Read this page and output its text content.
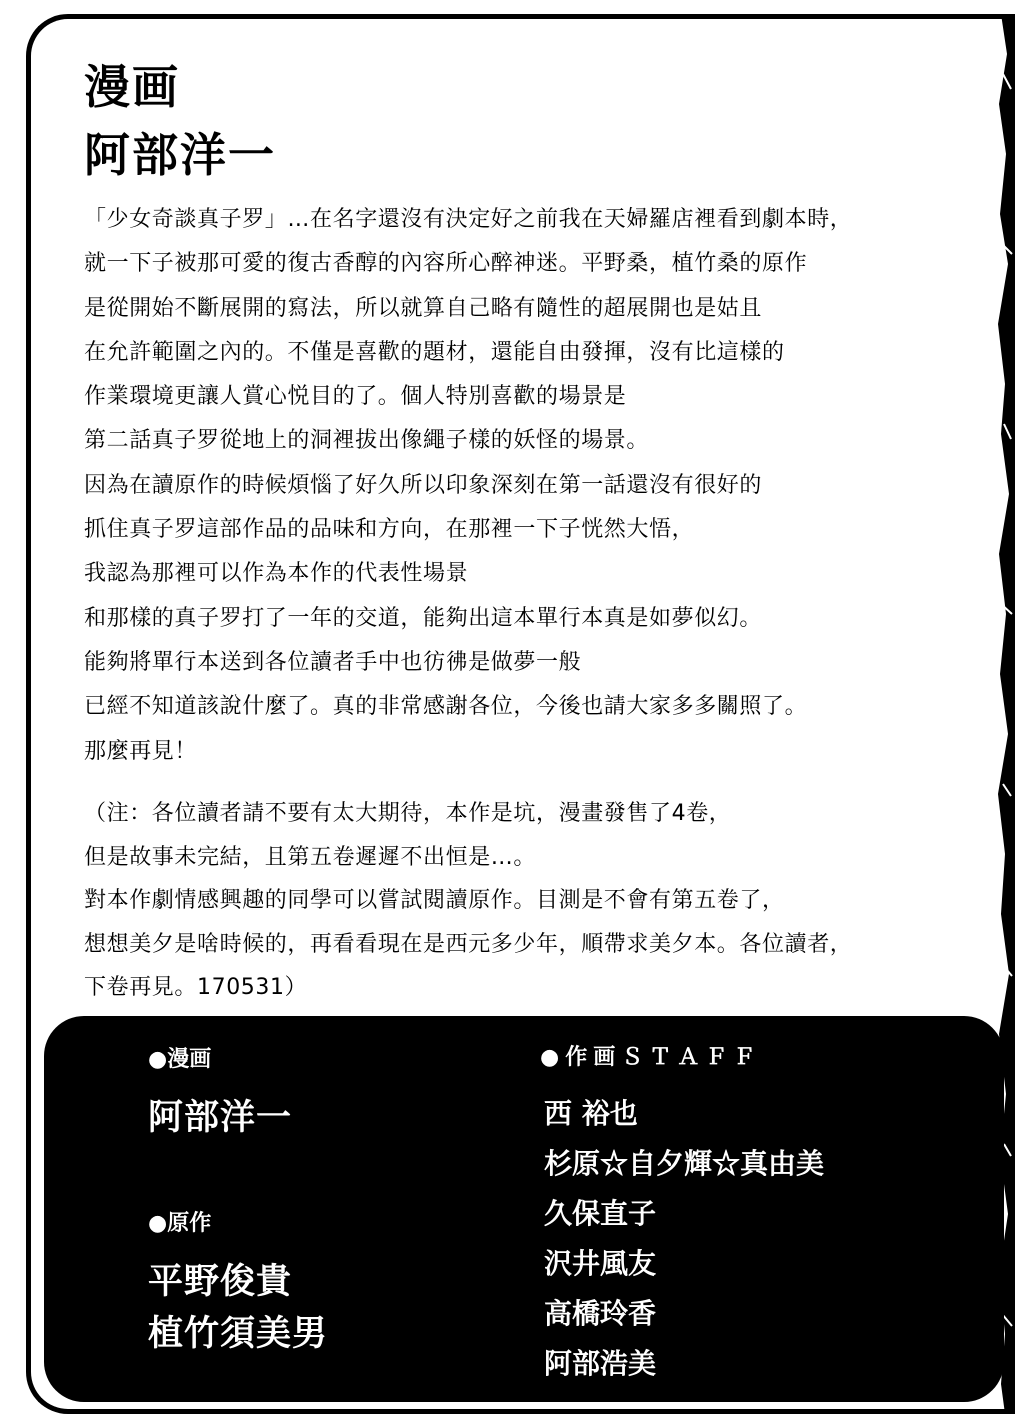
漫画
阿部洋一
「少女奇談真子罗」…在名字還沒有決定好之前我在天婦羅店裡看到劇本時，
就一下子被那可愛的復古香醇的內容所心醉神迷。平野桑，植竹桑的原作
是從開始不斷展開的寫法，所以就算自己略有隨性的超展開也是姑且
在允許範圍之內的。不僅是喜歡的題材，還能自由發揮，沒有比這樣的
作業環境更讓人賞心悦目的了。個人特別喜歡的場景是
第二話真子罗從地上的洞裡拔出像繩子樣的妖怪的場景。
因為在讀原作的時候煩惱了好久所以印象深刻在第一話還沒有很好的
抓住真子罗這部作品的品味和方向，在那裡一下子恍然大悟，
我認為那裡可以作為本作的代表性場景
和那樣的真子罗打了一年的交道，能夠出這本單行本真是如夢似幻。
能夠將單行本送到各位讀者手中也彷彿是做夢一般
已經不知道該說什麼了。真的非常感謝各位，今後也請大家多多關照了。
那麼再見！
（注：各位讀者請不要有太大期待，本作是坑，漫畫發售了4卷，
但是故事未完結，且第五卷遲遲不出恒是…。
對本作劇情感興趣的同學可以嘗試閱讀原作。目測是不會有第五卷了，
想想美夕是啥時候的，再看看現在是西元多少年，順帶求美夕本。各位讀者，
下卷再見。170531）
●漫画
阿部洋一
●原作
平野俊貴
植竹須美男
●作画ＳＴＡＦＦ
西 裕也
杉原☆自夕輝☆真由美
久保直子
沢井風友
高橋玲香
阿部浩美
